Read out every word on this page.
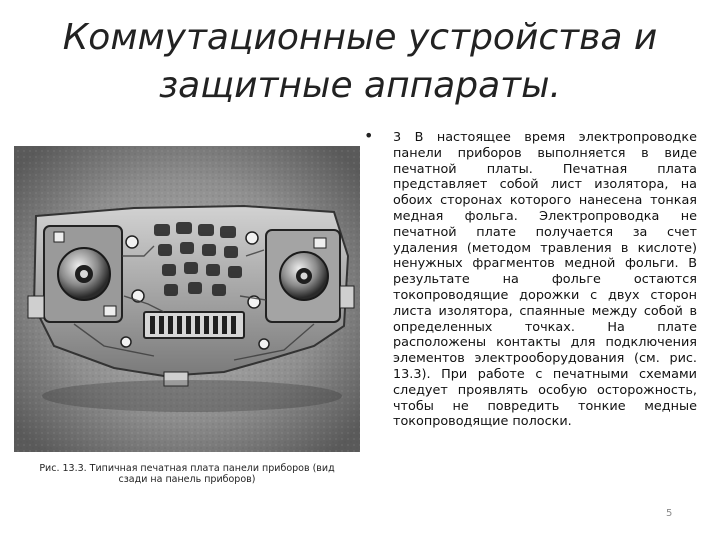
Коммутационные устройства и защитные аппараты.

Рис. 13.3. Типичная печатная плата панели приборов (вид сзади на панель приборов)

• 3 В настоящее время электропроводке панели приборов выполняется в виде печатной платы. Печатная плата представляет собой лист изолятора, на обоих сторонах которого нанесена тонкая медная фольга. Электропроводка не печатной плате получается за счет удаления (методом травления в кислоте) ненужных фрагментов медной фольги. В результате на фольге остаются токопроводящие дорожки с двух сторон листа изолятора, спаянные между собой в определенных точках. На плате расположены контакты для подключения элементов электрооборудования (см. рис. 13.3). При работе с печатными схемами следует проявлять особую осторожность, чтобы не повредить тонкие медные токопроводящие полоски.

5
